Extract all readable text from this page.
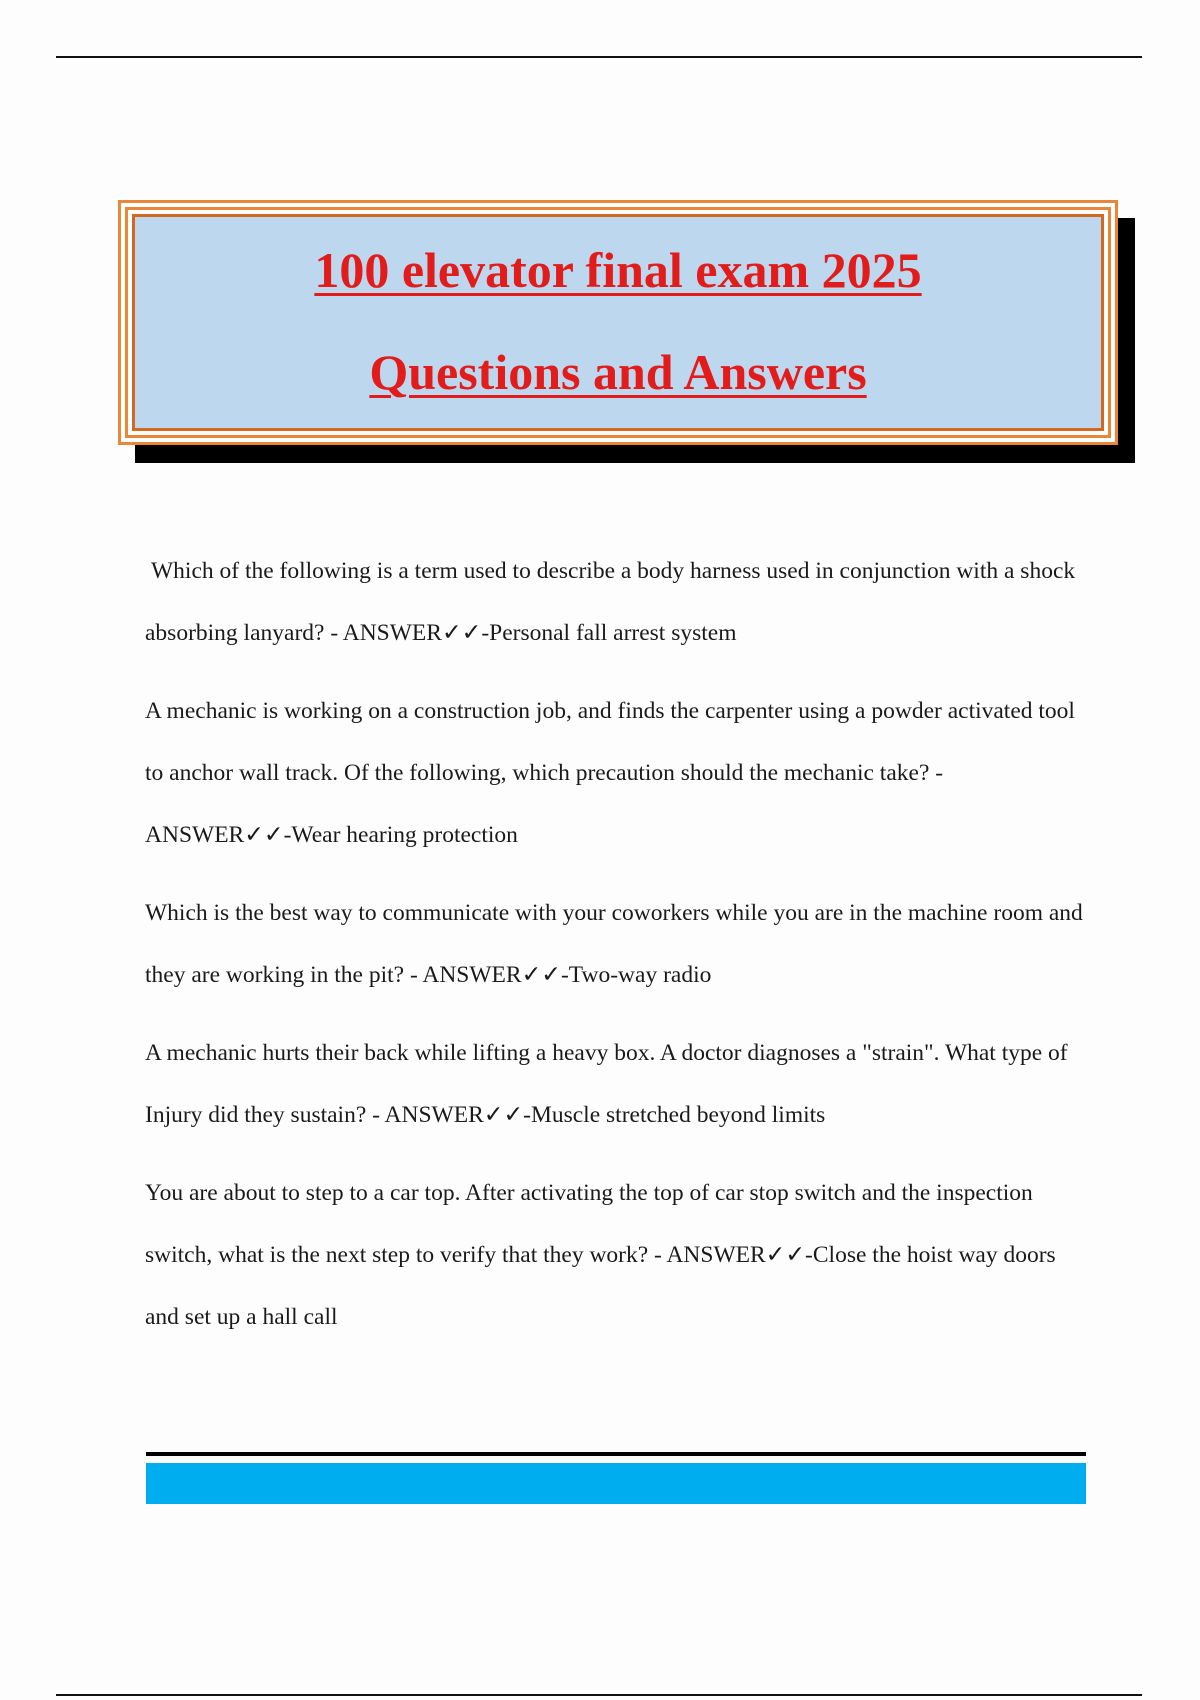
100 elevator final exam 2025
Questions and Answers

Which of the following is a term used to describe a body harness used in conjunction with a shock absorbing lanyard? - ANSWER✓✓-Personal fall arrest system

A mechanic is working on a construction job, and finds the carpenter using a powder activated tool to anchor wall track. Of the following, which precaution should the mechanic take? - ANSWER✓✓-Wear hearing protection

Which is the best way to communicate with your coworkers while you are in the machine room and they are working in the pit? - ANSWER✓✓-Two-way radio

A mechanic hurts their back while lifting a heavy box. A doctor diagnoses a "strain". What type of Injury did they sustain? - ANSWER✓✓-Muscle stretched beyond limits

You are about to step to a car top. After activating the top of car stop switch and the inspection switch, what is the next step to verify that they work? - ANSWER✓✓-Close the hoist way doors and set up a hall call
